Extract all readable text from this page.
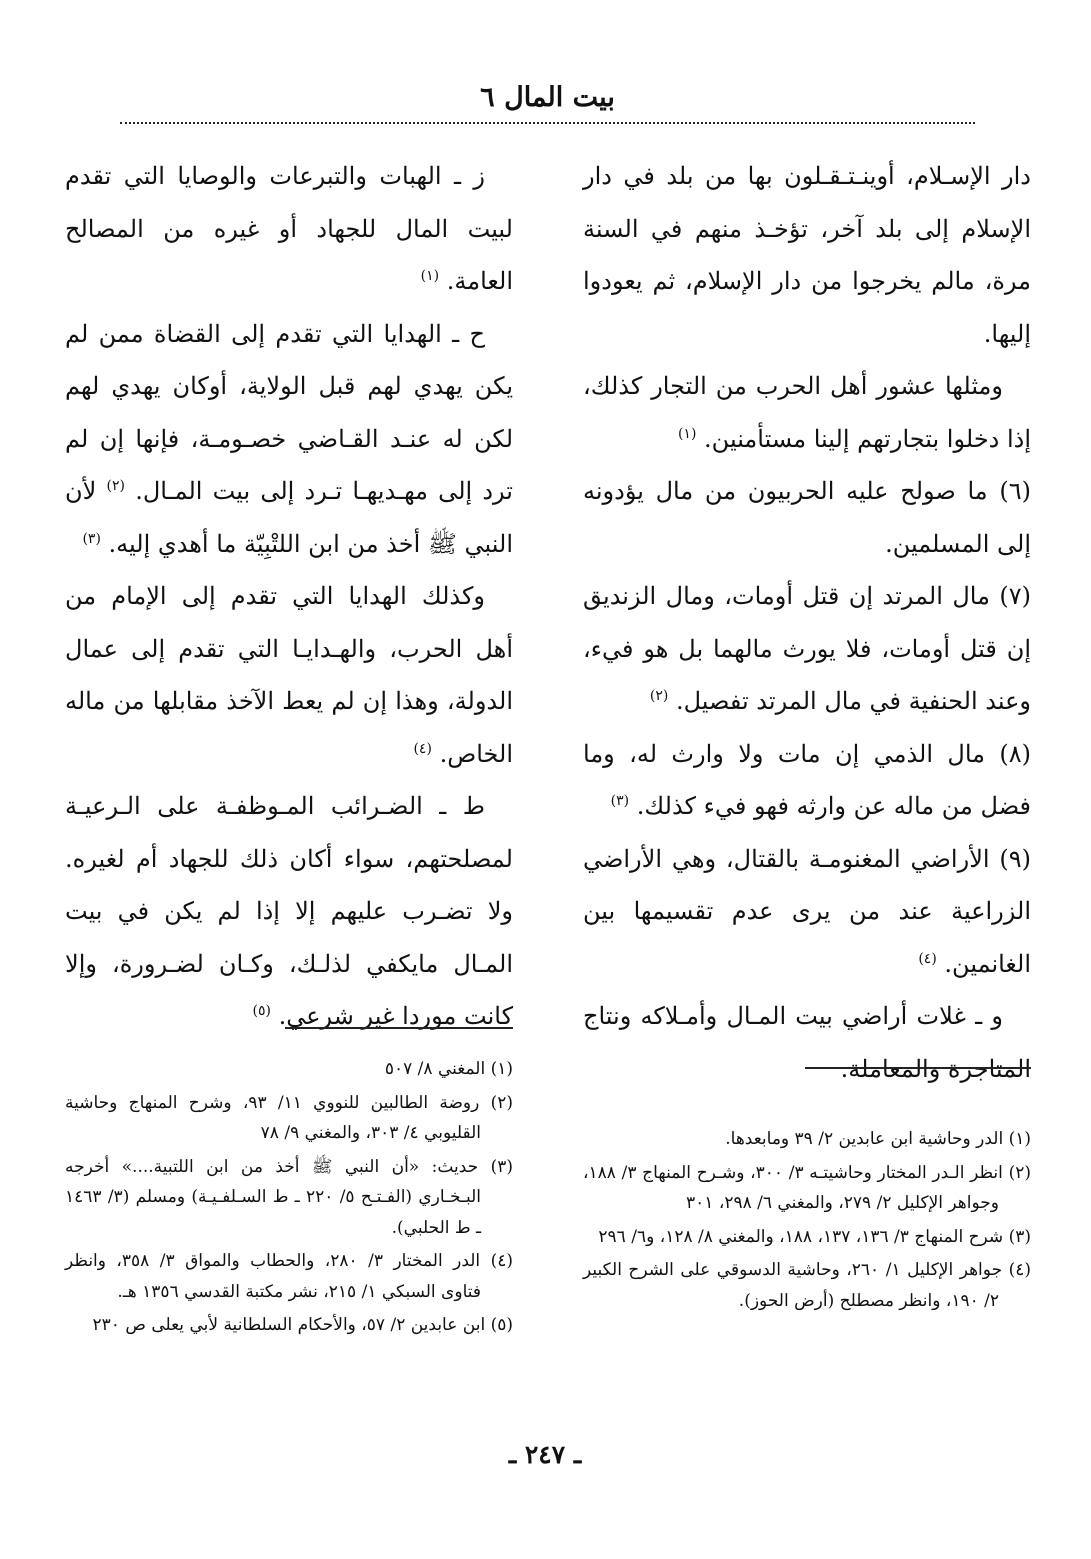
بيت المال ٦

دار الإسـلام، أوينـتـقـلون بها من بلد في دار الإسلام إلى بلد آخر، تؤخـذ منهم في السنة مرة، مالم يخرجوا من دار الإسلام، ثم يعودوا إليها.

ومثلها عشور أهل الحرب من التجار كذلك، إذا دخلوا بتجارتهم إلينا مستأمنين. $^{(١)}$

(٦) ما صولح عليه الحربيون من مال يؤدونه إلى المسلمين.

(٧) مال المرتد إن قتل أومات، ومال الزنديق إن قتل أومات، فلا يورث مالهما بل هو فيء، وعند الحنفية في مال المرتد تفصيل. $^{(٢)}$

(٨) مال الذمي إن مات ولا وارث له، وما فضل من ماله عن وارثه فهو فيء كذلك. $^{(٣)}$

(٩) الأراضي المغنومـة بالقتال، وهي الأراضي الزراعية عند من يرى عدم تقسيمها بين الغانمين. $^{(٤)}$

و ـ غلات أراضي بيت المـال وأمـلاكه ونتاج المتاجرة والمعاملة.

ز ـ الهبات والتبرعات والوصايا التي تقدم لبيت المال للجهاد أو غيره من المصالح العامة. $^{(١)}$

ح ـ الهدايا التي تقدم إلى القضاة ممن لم يكن يهدي لهم قبل الولاية، أوكان يهدي لهم لكن له عنـد القـاضي خصـومـة، فإنها إن لم ترد إلى مهـديهـا تـرد إلى بيت المـال. $^{(٢)}$ لأن النبي ﷺ أخذ من ابن اللتْبِيّة ما أهدي إليه. $^{(٣)}$

وكذلك الهدايا التي تقدم إلى الإمام من أهل الحرب، والهـدايـا التي تقدم إلى عمال الدولة، وهذا إن لم يعط الآخذ مقابلها من ماله الخاص. $^{(٤)}$

ط ـ الضـرائب المـوظفـة على الـرعيـة لمصلحتهم، سواء أكان ذلك للجهاد أم لغيره. ولا تضـرب عليهم إلا إذا لم يكن في بيت المـال مايكفي لذلـك، وكـان لضـرورة، وإلا كانت موردا غير شرعي. $^{(٥)}$

(١) الدر وحاشية ابن عابدين ٢/ ٣٩ ومابعدها.

(٢) انظر الـدر المختار وحاشيتـه ٣/ ٣٠٠، وشـرح المنهاج ٣/ ١٨٨، وجواهر الإكليل ٢/ ٢٧٩، والمغني ٦/ ٢٩٨، ٣٠١

(٣) شرح المنهاج ٣/ ١٣٦، ١٣٧، ١٨٨، والمغني ٨/ ١٢٨، و٦/ ٢٩٦

(٤) جواهر الإكليل ١/ ٢٦٠، وحاشية الدسوقي على الشرح الكبير ٢/ ١٩٠، وانظر مصطلح (أرض الحوز).

(١) المغني ٨/ ٥٠٧

(٢) روضة الطالبين للنووي ١١/ ٩٣، وشرح المنهاج وحاشية القليوبي ٤/ ٣٠٣، والمغني ٩/ ٧٨

(٣) حديث: «أن النبي ﷺ أخذ من ابن اللتبية....» أخرجه البـخـاري (الفـتـح ٥/ ٢٢٠ ـ ط السـلفـيـة) ومسلم (٣/ ١٤٦٣ ـ ط الحلبي).

(٤) الدر المختار ٣/ ٢٨٠، والحطاب والمواق ٣/ ٣٥٨، وانظر فتاوى السبكي ١/ ٢١٥، نشر مكتبة القدسي ١٣٥٦ هـ.

(٥) ابن عابدين ٢/ ٥٧، والأحكام السلطانية لأبي يعلى ص ٢٣٠

ـ ٢٤٧ ـ
